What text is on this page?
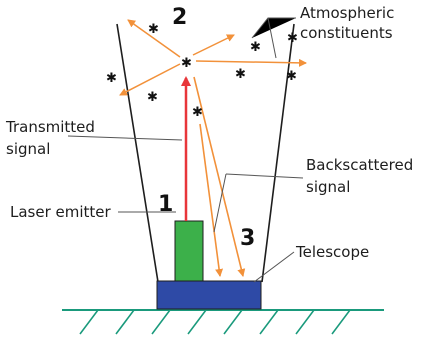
✱
✱
✱
✱
✱	✱
✱
✱
✱
2
1
3
Atmospheric
constituents
Transmitted
signal
Backscattered
signal
Laser emitter
Telescope
